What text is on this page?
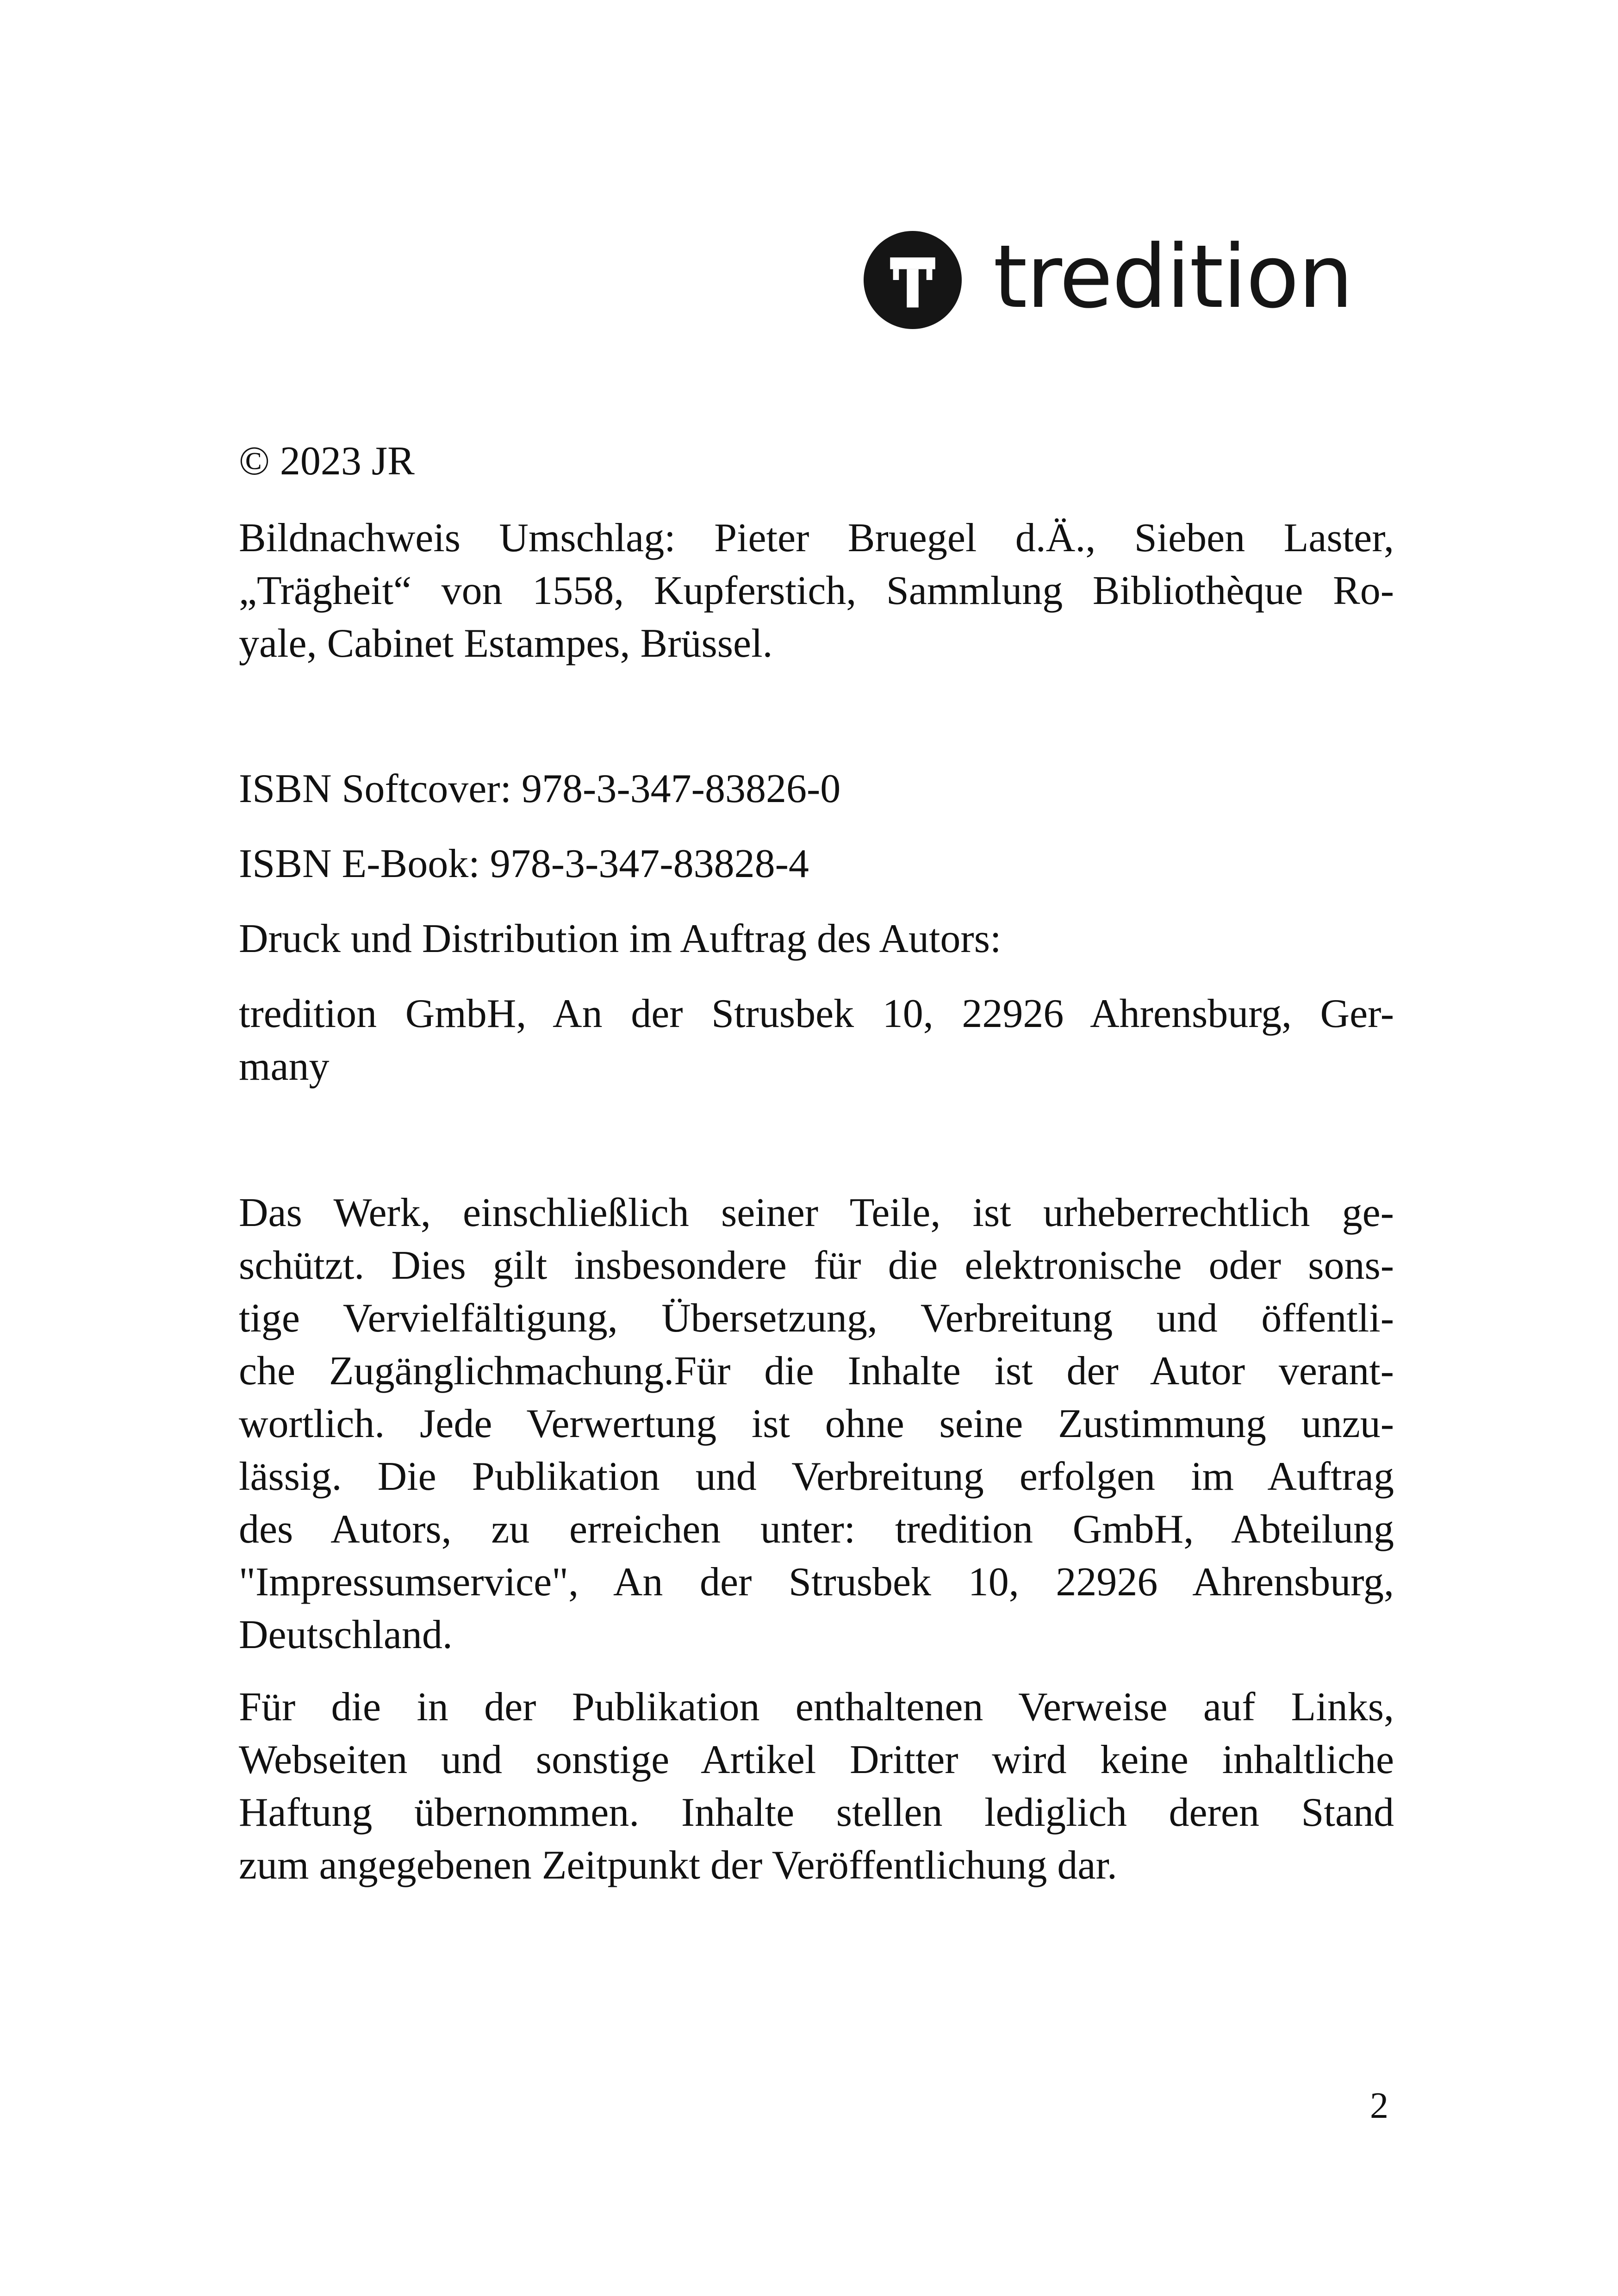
tredition

© 2023 JR

Bildnachweis Umschlag: Pieter Bruegel d.Ä., Sieben Laster,
„Trägheit“ von 1558, Kupferstich, Sammlung Bibliothèque Ro-
yale, Cabinet Estampes, Brüssel.

ISBN Softcover: 978-3-347-83826-0

ISBN E-Book: 978-3-347-83828-4

Druck und Distribution im Auftrag des Autors:

tredition GmbH, An der Strusbek 10, 22926 Ahrensburg, Ger-
many

Das Werk, einschließlich seiner Teile, ist urheberrechtlich ge-
schützt. Dies gilt insbesondere für die elektronische oder sons-
tige Vervielfältigung, Übersetzung, Verbreitung und öffentli-
che Zugänglichmachung.Für die Inhalte ist der Autor verant-
wortlich. Jede Verwertung ist ohne seine Zustimmung unzu-
lässig. Die Publikation und Verbreitung erfolgen im Auftrag
des Autors, zu erreichen unter: tredition GmbH, Abteilung
"Impressumservice", An der Strusbek 10, 22926 Ahrensburg,
Deutschland.

Für die in der Publikation enthaltenen Verweise auf Links,
Webseiten und sonstige Artikel Dritter wird keine inhaltliche
Haftung übernommen. Inhalte stellen lediglich deren Stand
zum angegebenen Zeitpunkt der Veröffentlichung dar.

2
